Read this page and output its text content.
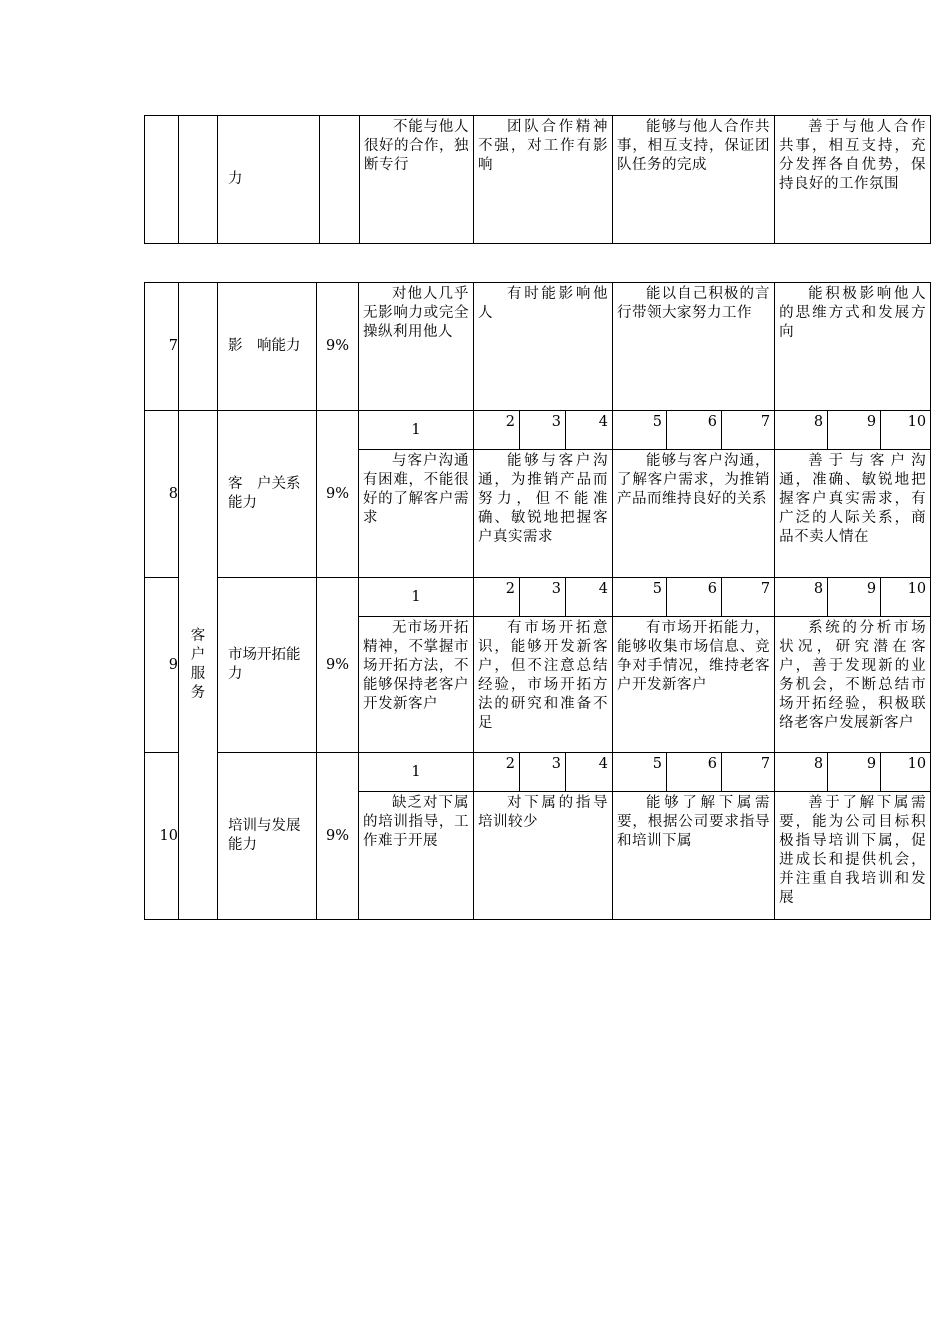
		力		不能与他人很好的合作，独断专行	团队合作精神不强，对工作有影响	能够与他人合作共事，相互支持，保证团队任务的完成	善于与他人合作共事，相互支持，充分发挥各自优势，保持良好的工作氛围
7		影　响能力	9%	对他人几乎无影响力或完全操纵利用他人	有时能影响他人			能以自己积极的言行带领大家努力工作			能积极影响他人的思维方式和发展方向		
8	客户服务	客　户关系　能力	9%	1	2	3	4	5	6	7	8	9	10
				与客户沟通有困难，不能很好的了解客户需求	能够与客户沟通，为推销产品而努力，但不能准确、敏锐地把握客户真实需求			能够与客户沟通，了解客户需求，为推销产品而维持良好的关系			善于与客户沟通，准确、敏锐地把握客户真实需求，有广泛的人际关系，商品不卖人情在		
9		市场开拓能力	9%	1	2	3	4	5	6	7	8	9	10
				无市场开拓精神，不掌握市场开拓方法，不能够保持老客户开发新客户	有市场开拓意识，能够开发新客户，但不注意总结经验，市场开拓方法的研究和准备不足			有市场开拓能力，能够收集市场信息、竞争对手情况，维持老客户开发新客户			系统的分析市场状况，研究潜在客户，善于发现新的业务机会，不断总结市场开拓经验，积极联络老客户发展新客户		
10		培训与发展能力	9%	1	2	3	4	5	6	7	8	9	10
				缺乏对下属的培训指导，工作难于开展	对下属的指导培训较少			能够了解下属需要，根据公司要求指导和培训下属			善于了解下属需要，能为公司目标积极指导培训下属，促进成长和提供机会，并注重自我培训和发展		
